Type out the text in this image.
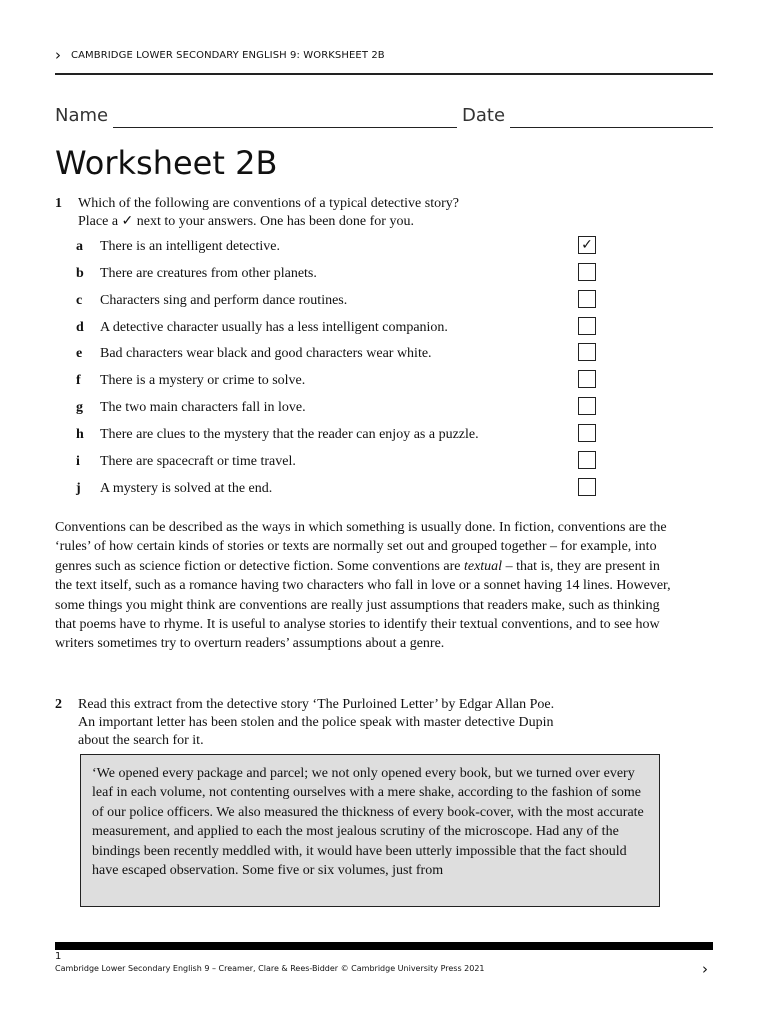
› CAMBRIDGE LOWER SECONDARY ENGLISH 9: WORKSHEET 2B
Name	Date
Worksheet 2B
1 Which of the following are conventions of a typical detective story?
Place a ✓ next to your answers. One has been done for you.
a There is an intelligent detective.	✓
b There are creatures from other planets.
c Characters sing and perform dance routines.
d A detective character usually has a less intelligent companion.
e Bad characters wear black and good characters wear white.
f There is a mystery or crime to solve.
g The two main characters fall in love.
h There are clues to the mystery that the reader can enjoy as a puzzle.
i There are spacecraft or time travel.
j A mystery is solved at the end.

Conventions can be described as the ways in which something is usually done. In fiction, conventions are the ‘rules’ of how certain kinds of stories or texts are normally set out and grouped together – for example, into genres such as science fiction or detective fiction. Some conventions are textual – that is, they are present in the text itself, such as a romance having two characters who fall in love or a sonnet having 14 lines. However, some things you might think are conventions are really just assumptions that readers make, such as thinking that poems have to rhyme. It is useful to analyse stories to identify their textual conventions, and to see how writers sometimes try to overturn readers’ assumptions about a genre.

2 Read this extract from the detective story ‘The Purloined Letter’ by Edgar Allan Poe.
An important letter has been stolen and the police speak with master detective Dupin
about the search for it.
‘We opened every package and parcel; we not only opened every book, but we turned over every leaf in each volume, not contenting ourselves with a mere shake, according to the fashion of some of our police officers. We also measured the thickness of every book-cover, with the most accurate measurement, and applied to each the most jealous scrutiny of the microscope. Had any of the bindings been recently meddled with, it would have been utterly impossible that the fact should have escaped observation. Some five or six volumes, just from
1
Cambridge Lower Secondary English 9 – Creamer, Clare & Rees-Bidder © Cambridge University Press 2021	›
